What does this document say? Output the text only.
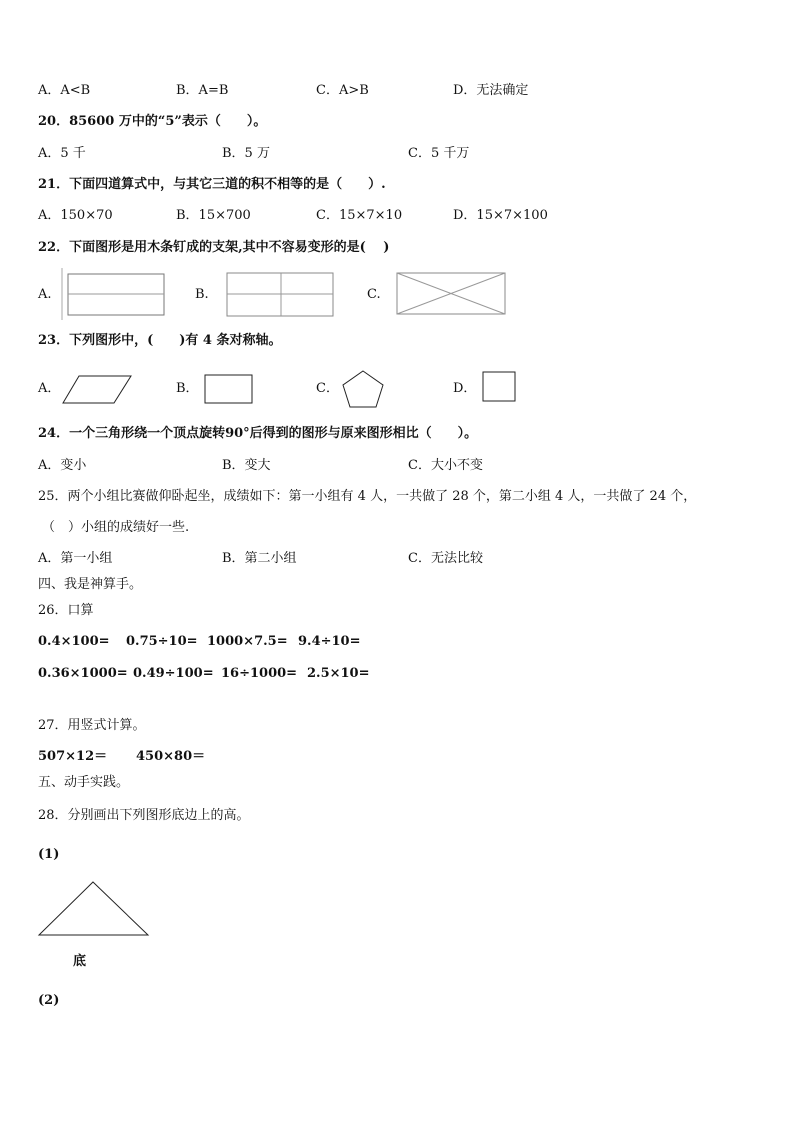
A．A<B	B．A=B	C．A>B	D．无法确定
20．85600 万中的“5”表示（　　）。
A．5 千	B．5 万	C．5 千万
21．下面四道算式中，与其它三道的积不相等的是（　　）.
A．150×70	B．15×700	C．15×7×10	D．15×7×100
22．下面图形是用木条钉成的支架,其中不容易变形的是(　 )
A.	B.	C.
23．下列图形中，(　　)有 4 条对称轴。
A．	B．	C．	D．
24．一个三角形绕一个顶点旋转90°后得到的图形与原来图形相比（　　）。
A．变小	B．变大	C．大小不变
25．两个小组比赛做仰卧起坐，成绩如下：第一小组有 4 人，一共做了 28 个，第二小组 4 人，一共做了 24 个，
（　）小组的成绩好一些.
A．第一小组	B．第二小组	C．无法比较
四、我是神算手。
26．口算
0.4×100= 0.75÷10= 1000×7.5= 9.4÷10=
0.36×1000= 0.49÷100= 16÷1000= 2.5×10=
27．用竖式计算。
507×12＝ 450×80＝
五、动手实践。
28．分别画出下列图形底边上的高。
(1)
底
(2)
